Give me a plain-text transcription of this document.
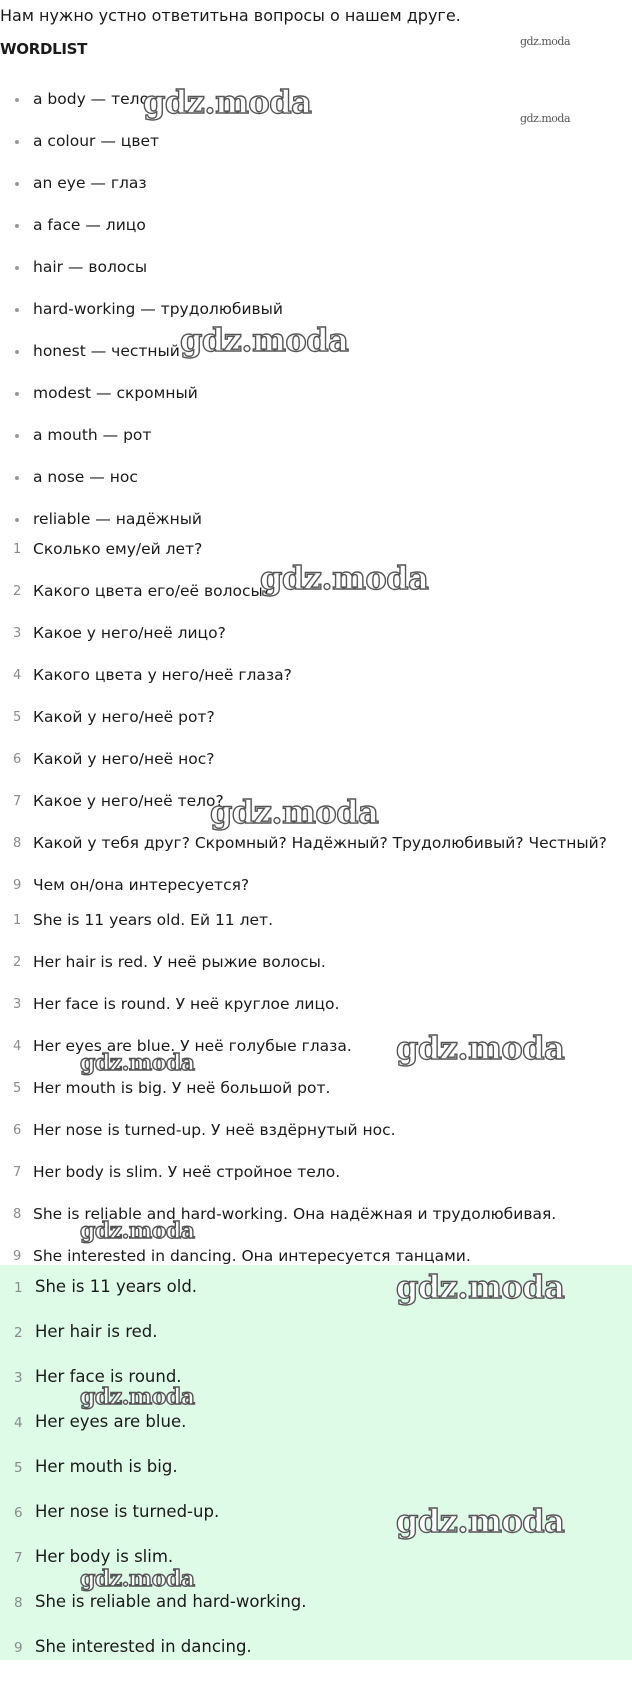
Нам нужно устно ответитьна вопросы о нашем друге.
WORDLIST
a body — тело
a colour — цвет
an eye — глаз
a face — лицо
hair — волосы
hard-working — трудолюбивый
honest — честный
modest — скромный
a mouth — рот
a nose — нос
reliable — надёжный
1 Сколько ему/ей лет?
2 Какого цвета его/её волосы?
3 Какое у него/неё лицо?
4 Какого цвета у него/неё глаза?
5 Какой у него/неё рот?
6 Какой у него/неё нос?
7 Какое у него/неё тело?
8 Какой у тебя друг? Скромный? Надёжный? Трудолюбивый? Честный?
9 Чем он/она интересуется?
1 She is 11 years old. Ей 11 лет.
2 Her hair is red. У неё рыжие волосы.
3 Her face is round. У неё круглое лицо.
4 Her eyes are blue. У неё голубые глаза.
5 Her mouth is big. У неё большой рот.
6 Her nose is turned-up. У неё вздёрнутый нос.
7 Her body is slim. У неё стройное тело.
8 She is reliable and hard-working. Она надёжная и трудолюбивая.
9 She interested in dancing. Она интересуется танцами.
1 She is 11 years old.
2 Her hair is red.
3 Her face is round.
4 Her eyes are blue.
5 Her mouth is big.
6 Her nose is turned-up.
7 Her body is slim.
8 She is reliable and hard-working.
9 She interested in dancing.
gdz.moda
gdz.moda
gdz.moda
gdz.moda
gdz.moda
gdz.moda
gdz.moda
gdz.moda
gdz.moda
gdz.moda
gdz.moda
gdz.moda
gdz.moda
